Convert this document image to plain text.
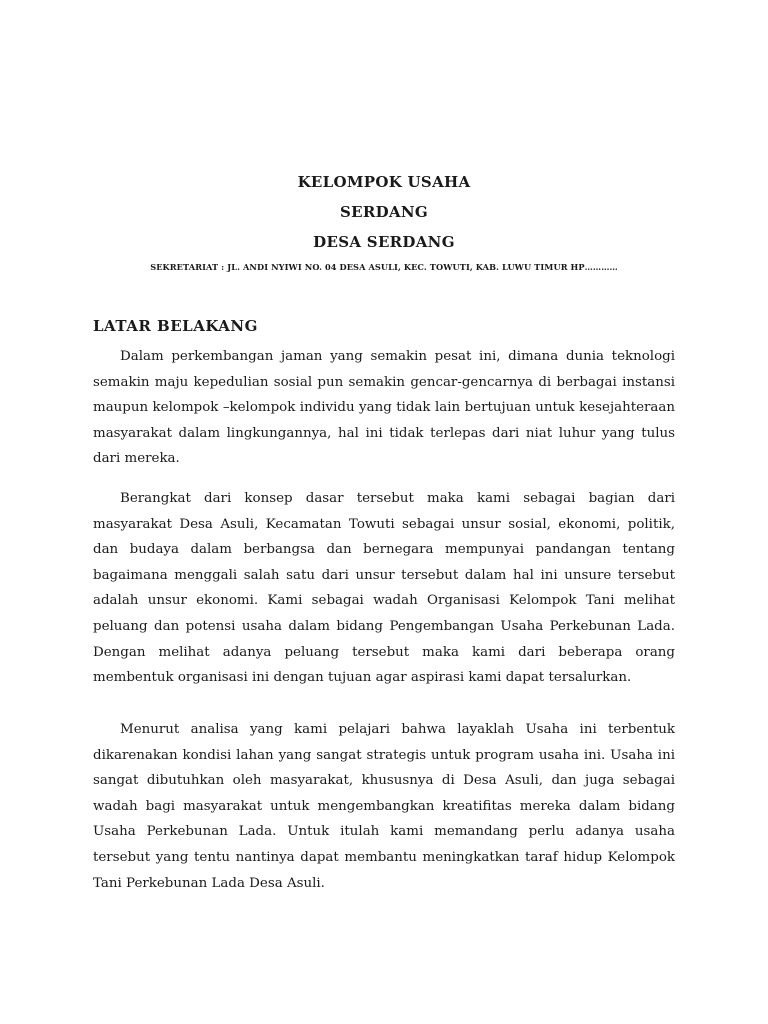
KELOMPOK USAHA
SERDANG
DESA SERDANG
SEKRETARIAT : JL. ANDI NYIWI NO. 04 DESA ASULI, KEC. TOWUTI, KAB. LUWU TIMUR HP…………
LATAR BELAKANG

Dalam perkembangan jaman yang semakin pesat ini, dimana dunia teknologi semakin maju kepedulian sosial pun semakin gencar-gencarnya di berbagai instansi maupun kelompok –kelompok individu yang tidak lain bertujuan untuk kesejahteraan masyarakat dalam lingkungannya, hal ini tidak terlepas dari niat luhur yang tulus dari mereka.

Berangkat dari konsep dasar tersebut maka kami sebagai bagian dari masyarakat Desa Asuli, Kecamatan Towuti sebagai unsur sosial, ekonomi, politik, dan budaya dalam berbangsa dan bernegara mempunyai pandangan tentang bagaimana menggali salah satu dari unsur tersebut dalam hal ini unsure tersebut adalah unsur ekonomi. Kami sebagai wadah Organisasi Kelompok Tani melihat peluang dan potensi usaha dalam bidang Pengembangan Usaha Perkebunan Lada. Dengan melihat adanya peluang tersebut maka kami dari beberapa orang membentuk organisasi ini dengan tujuan agar aspirasi kami dapat tersalurkan.

Menurut analisa yang kami pelajari bahwa layaklah Usaha ini terbentuk dikarenakan kondisi lahan yang sangat strategis untuk program usaha ini. Usaha ini sangat dibutuhkan oleh masyarakat, khususnya di Desa Asuli, dan juga sebagai wadah bagi masyarakat untuk mengembangkan kreatifitas mereka dalam bidang Usaha Perkebunan Lada. Untuk itulah kami memandang perlu adanya usaha tersebut yang tentu nantinya dapat membantu meningkatkan taraf hidup Kelompok Tani Perkebunan Lada Desa Asuli.
